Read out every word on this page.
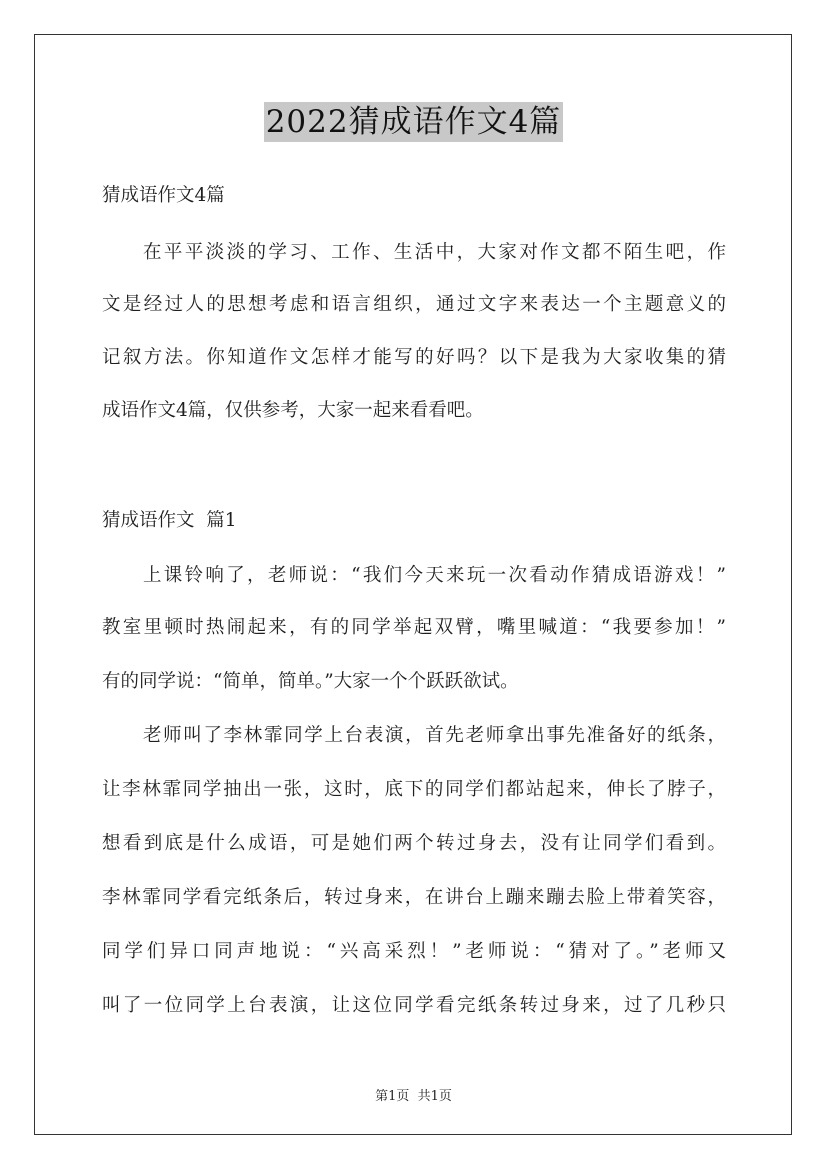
2022猜成语作文4篇
猜成语作文4篇
在平平淡淡的学习、工作、生活中，大家对作文都不陌生吧，作
文是经过人的思想考虑和语言组织，通过文字来表达一个主题意义的
记叙方法。你知道作文怎样才能写的好吗？以下是我为大家收集的猜
成语作文4篇，仅供参考，大家一起来看看吧。
猜成语作文  篇1
上课铃响了，老师说：“我们今天来玩一次看动作猜成语游戏！”
教室里顿时热闹起来，有的同学举起双臂，嘴里喊道：“我要参加！”
有的同学说：“简单，简单。”大家一个个跃跃欲试。
老师叫了李林霏同学上台表演，首先老师拿出事先准备好的纸条，
让李林霏同学抽出一张，这时，底下的同学们都站起来，伸长了脖子，
想看到底是什么成语，可是她们两个转过身去，没有让同学们看到。
李林霏同学看完纸条后，转过身来，在讲台上蹦来蹦去脸上带着笑容，
同学们异口同声地说：“兴高采烈！”老师说：“猜对了。”老师又
叫了一位同学上台表演，让这位同学看完纸条转过身来，过了几秒只
第1页  共1页
